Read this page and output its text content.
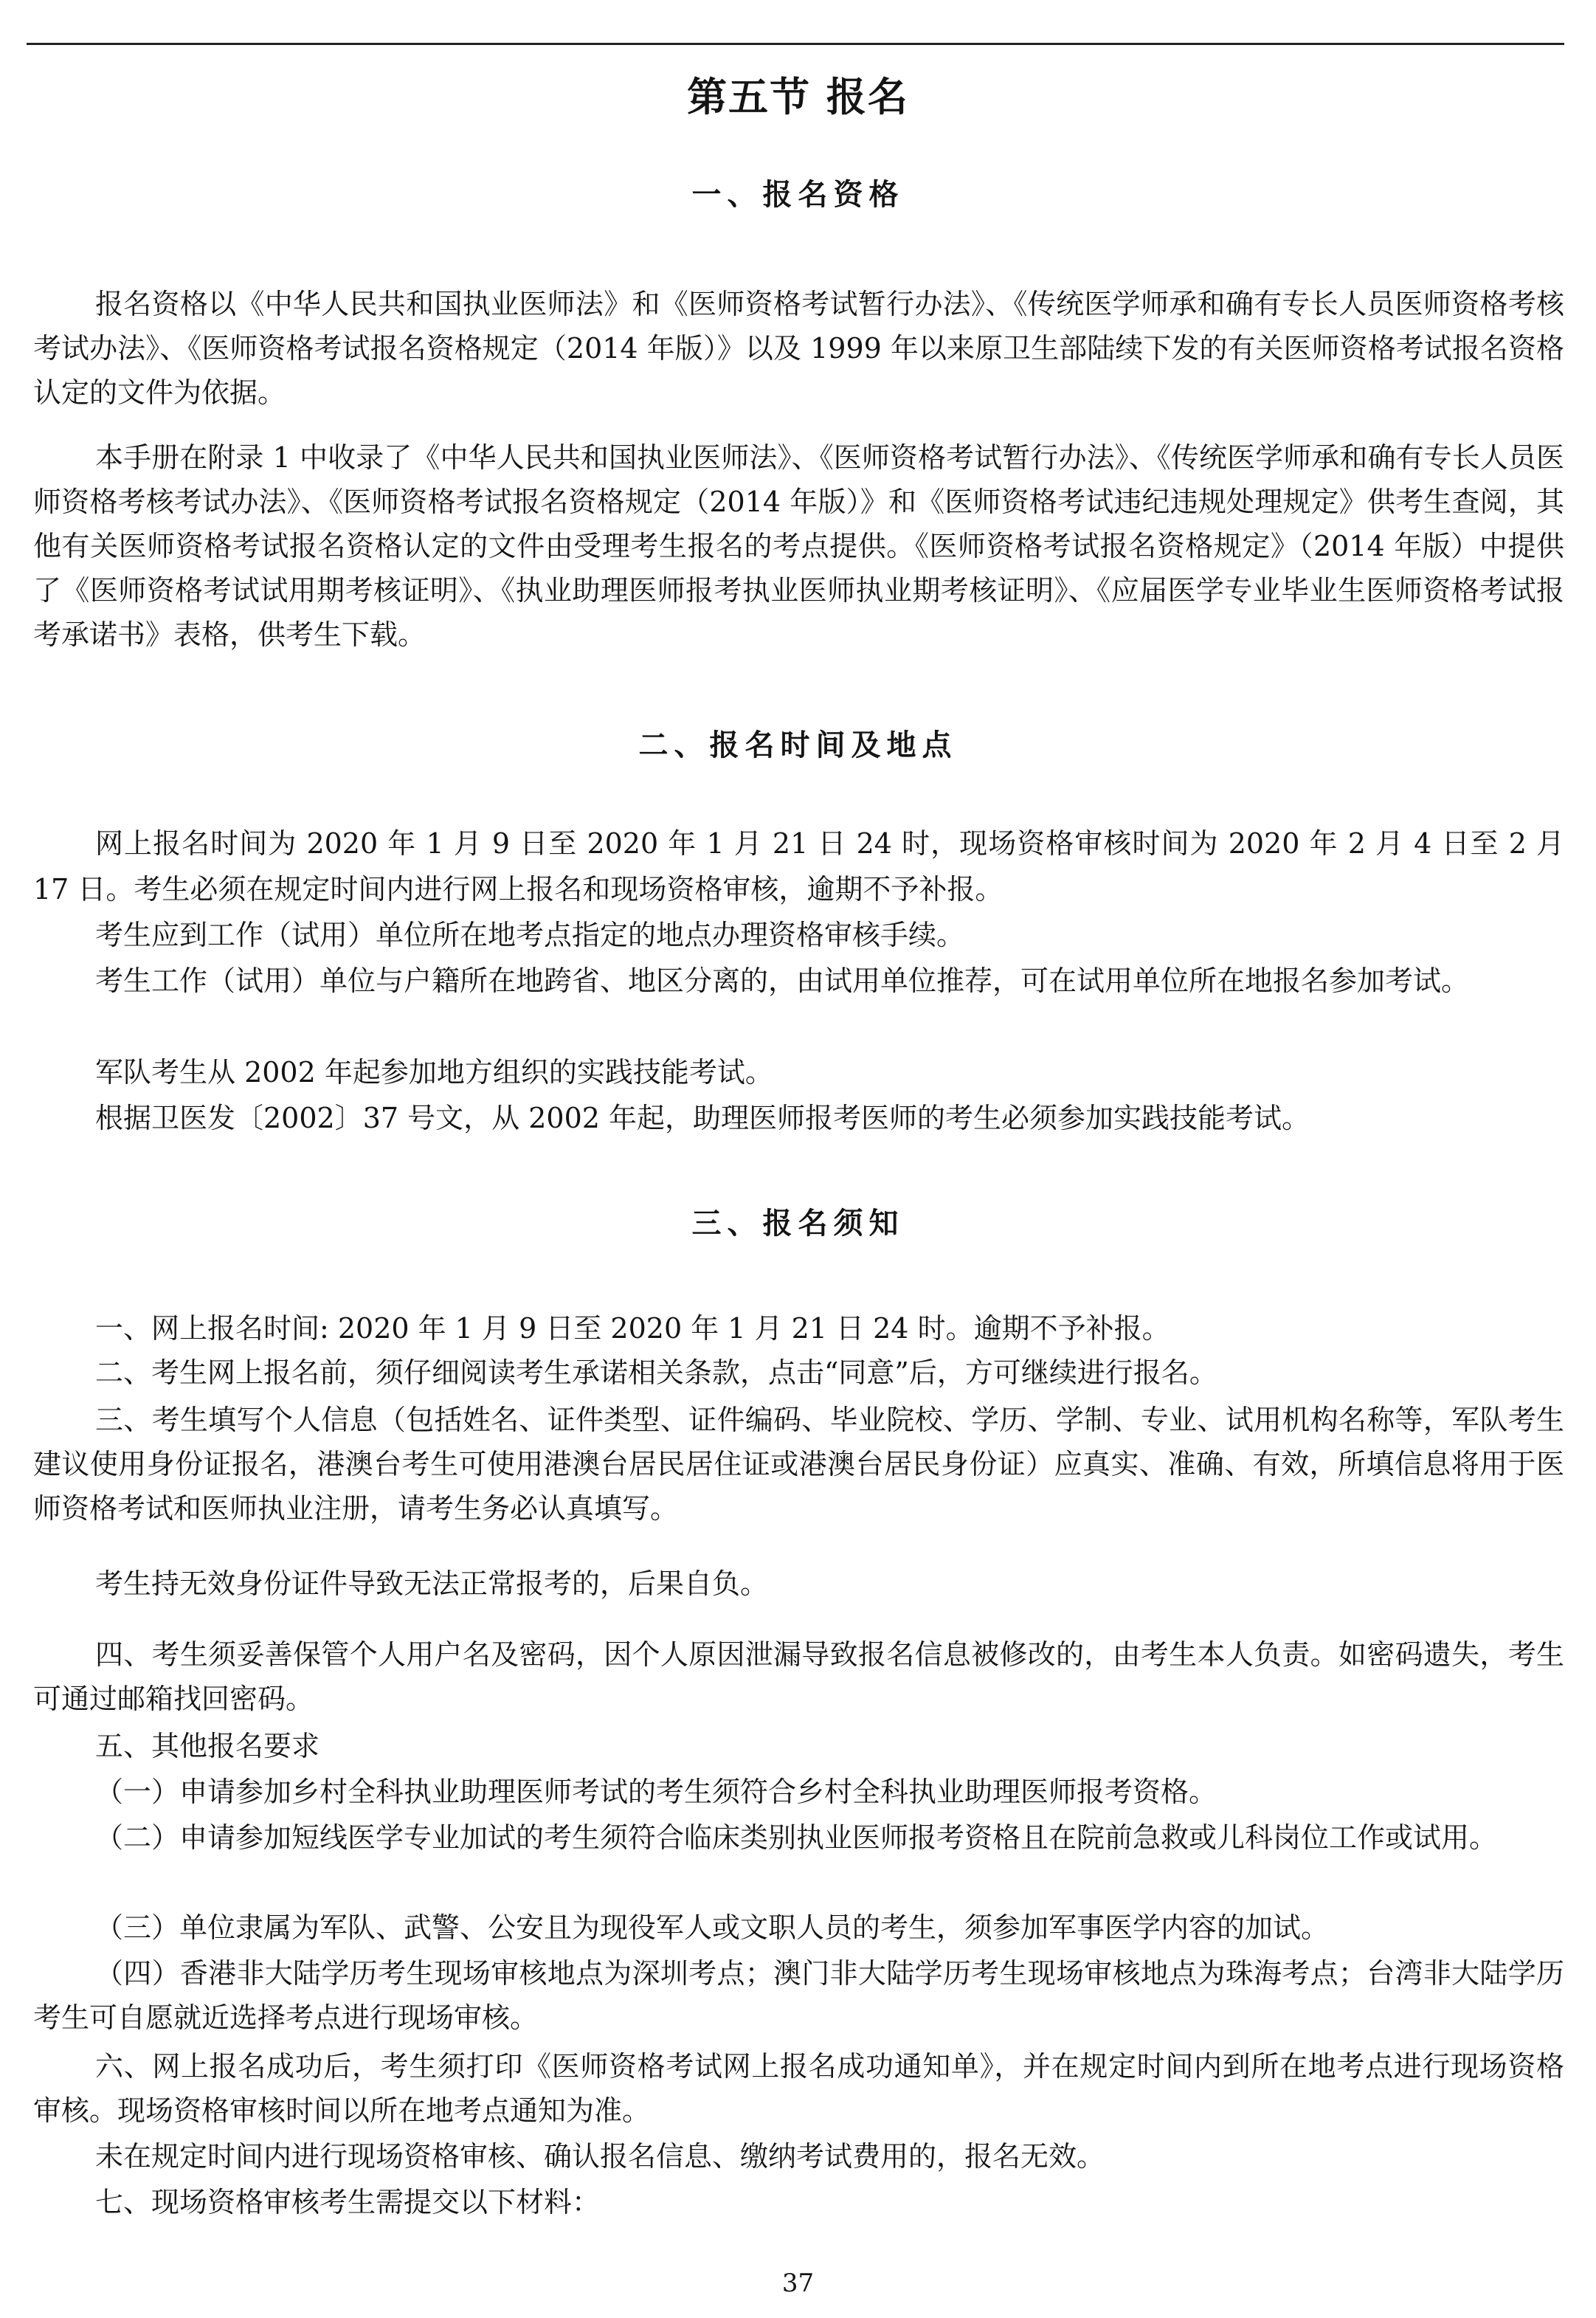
第五节 报名
一、报名资格

报名资格以《中华人民共和国执业医师法》和《医师资格考试暂行办法》、《传统医学师承和确有专长人员医师资格考核考试办法》、《医师资格考试报名资格规定（2014 年版）》以及 1999 年以来原卫生部陆续下发的有关医师资格考试报名资格认定的文件为依据。

本手册在附录 1 中收录了《中华人民共和国执业医师法》、《医师资格考试暂行办法》、《传统医学师承和确有专长人员医师资格考核考试办法》、《医师资格考试报名资格规定（2014 年版）》和《医师资格考试违纪违规处理规定》供考生查阅，其他有关医师资格考试报名资格认定的文件由受理考生报名的考点提供。《医师资格考试报名资格规定》（2014 年版）中提供了《医师资格考试试用期考核证明》、《执业助理医师报考执业医师执业期考核证明》、《应届医学专业毕业生医师资格考试报考承诺书》表格，供考生下载。

二、报名时间及地点

网上报名时间为 2020 年 1 月 9 日至 2020 年 1 月 21 日 24 时，现场资格审核时间为 2020 年 2 月 4 日至 2 月 17 日。考生必须在规定时间内进行网上报名和现场资格审核，逾期不予补报。

考生应到工作（试用）单位所在地考点指定的地点办理资格审核手续。

考生工作（试用）单位与户籍所在地跨省、地区分离的，由试用单位推荐，可在试用单位所在地报名参加考试。

军队考生从 2002 年起参加地方组织的实践技能考试。

根据卫医发〔2002〕37 号文，从 2002 年起，助理医师报考医师的考生必须参加实践技能考试。

三、报名须知

一、网上报名时间: 2020 年 1 月 9 日至 2020 年 1 月 21 日 24 时。逾期不予补报。

二、考生网上报名前，须仔细阅读考生承诺相关条款，点击“同意”后，方可继续进行报名。

三、考生填写个人信息（包括姓名、证件类型、证件编码、毕业院校、学历、学制、专业、试用机构名称等，军队考生建议使用身份证报名，港澳台考生可使用港澳台居民居住证或港澳台居民身份证）应真实、准确、有效，所填信息将用于医师资格考试和医师执业注册，请考生务必认真填写。

考生持无效身份证件导致无法正常报考的，后果自负。

四、考生须妥善保管个人用户名及密码，因个人原因泄漏导致报名信息被修改的，由考生本人负责。如密码遗失，考生可通过邮箱找回密码。

五、其他报名要求

（一）申请参加乡村全科执业助理医师考试的考生须符合乡村全科执业助理医师报考资格。

（二）申请参加短线医学专业加试的考生须符合临床类别执业医师报考资格且在院前急救或儿科岗位工作或试用。

（三）单位隶属为军队、武警、公安且为现役军人或文职人员的考生，须参加军事医学内容的加试。

（四）香港非大陆学历考生现场审核地点为深圳考点；澳门非大陆学历考生现场审核地点为珠海考点；台湾非大陆学历考生可自愿就近选择考点进行现场审核。

六、网上报名成功后，考生须打印《医师资格考试网上报名成功通知单》，并在规定时间内到所在地考点进行现场资格审核。现场资格审核时间以所在地考点通知为准。

未在规定时间内进行现场资格审核、确认报名信息、缴纳考试费用的，报名无效。

七、现场资格审核考生需提交以下材料：

37
